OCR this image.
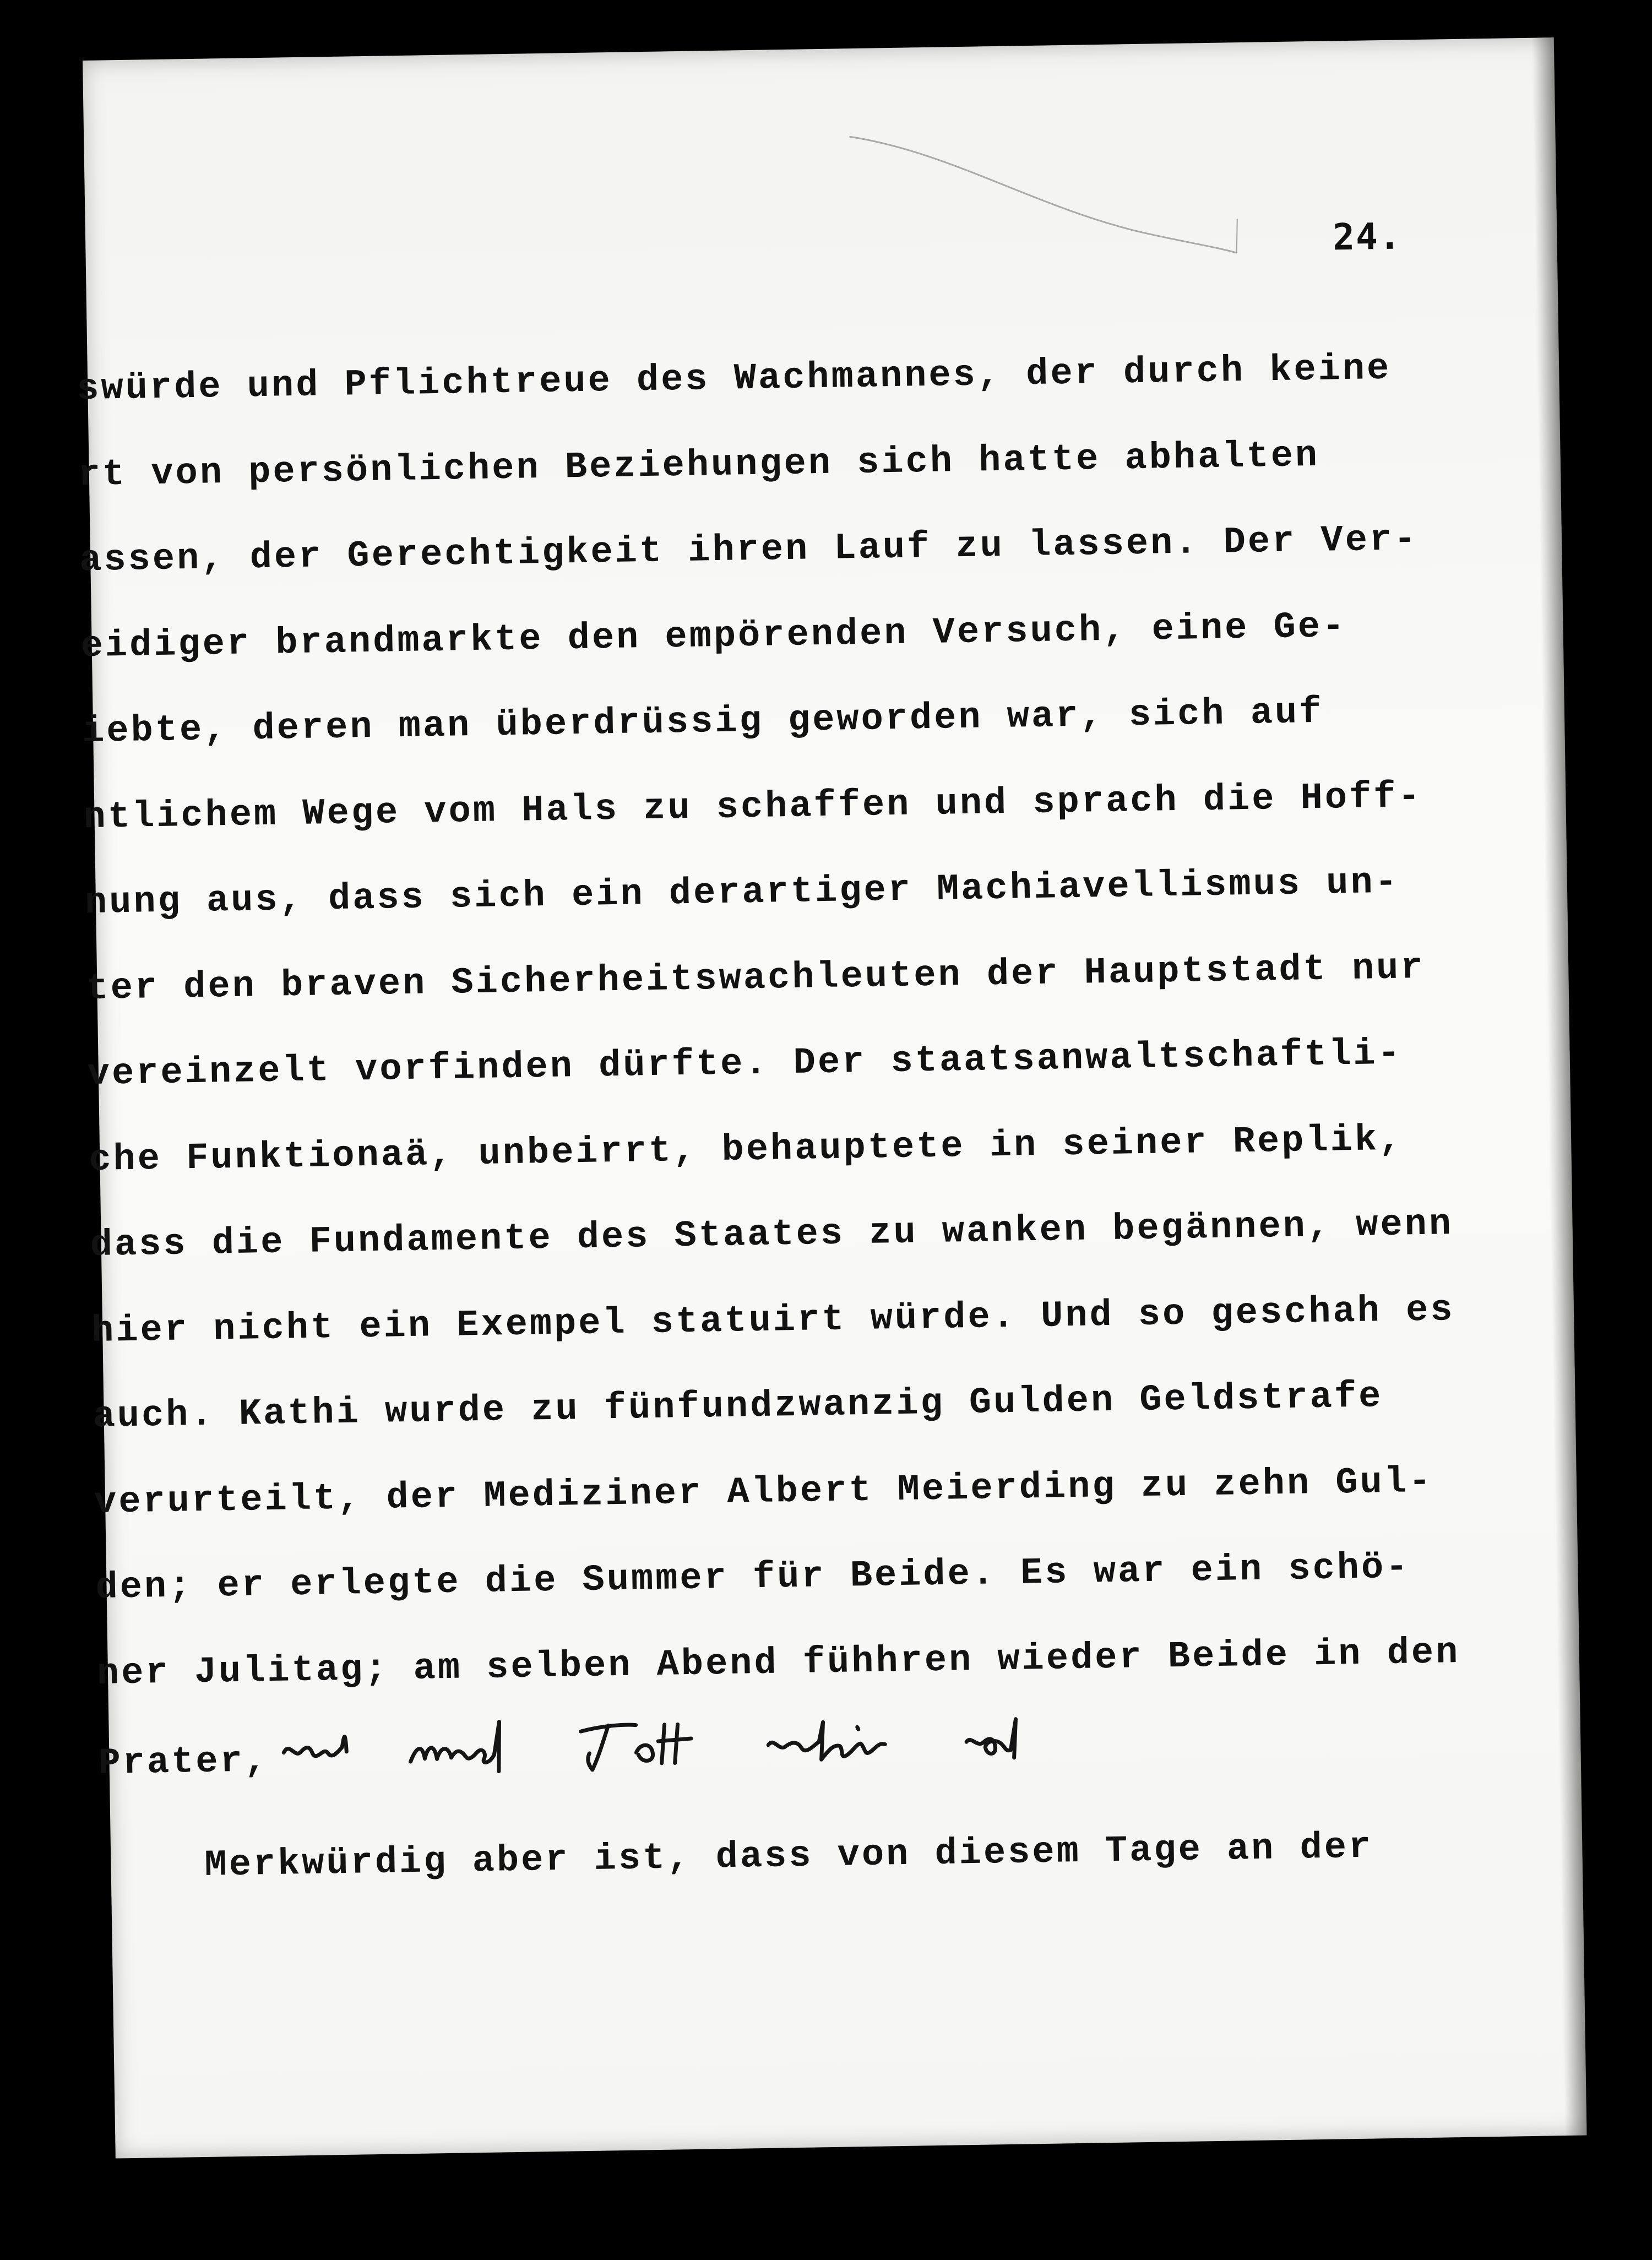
24.
swürde und Pflichtreue des Wachmannes, der durch keine
rt von persönlichen Beziehungen sich hatte abhalten
assen, der Gerechtigkeit ihren Lauf zu lassen. Der Ver-
eidiger brandmarkte den empörenden Versuch, eine Ge-
iebte, deren man überdrüssig geworden war, sich auf
ntlichem Wege vom Hals zu schaffen und sprach die Hoff-
nung aus, dass sich ein derartiger Machiavellismus un-
ter den braven Sicherheitswachleuten der Hauptstadt nur
vereinzelt vorfinden dürfte. Der staatsanwaltschaftli-
che Funktionaä, unbeirrt, behauptete in seiner Replik,
dass die Fundamente des Staates zu wanken begännen, wenn
hier nicht ein Exempel statuirt würde. Und so geschah es
auch. Kathi wurde zu fünfundzwanzig Gulden Geldstrafe
verurteilt, der Mediziner Albert Meierding zu zehn Gul-
den; er erlegte die Summer für Beide. Es war ein schö-
ner Julitag; am selben Abend fühhren wieder Beide in den
Prater,
Merkwürdig aber ist, dass von diesem Tage an der
